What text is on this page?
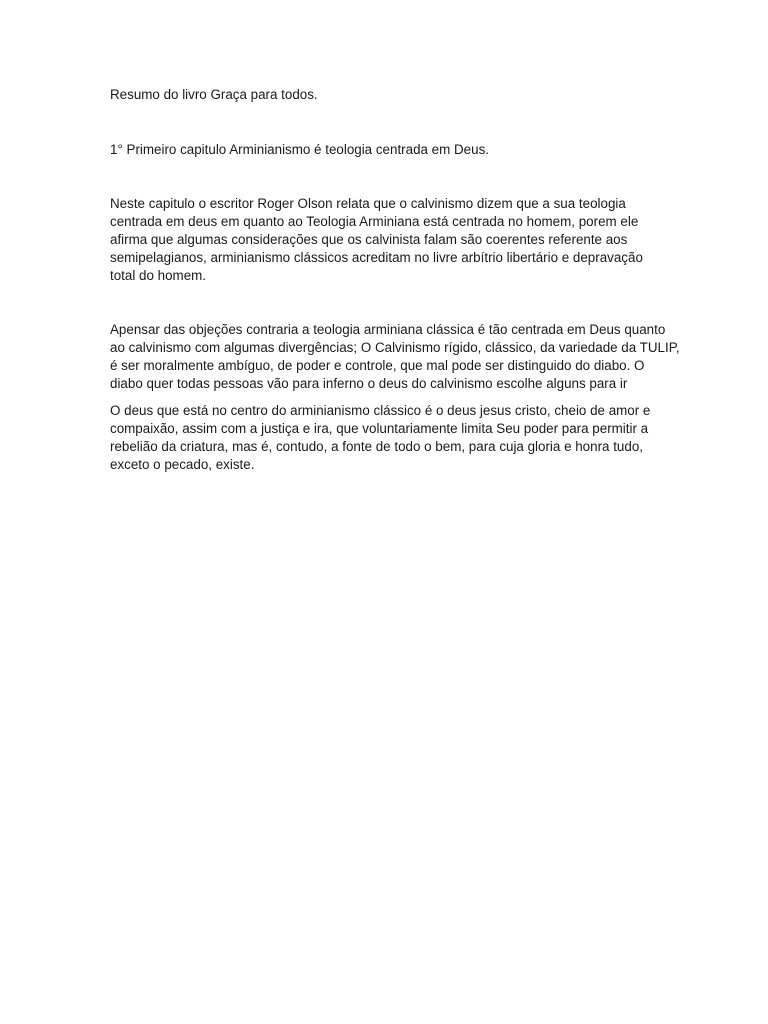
Resumo do livro Graça para todos.
1° Primeiro capitulo Arminianismo é teologia centrada em Deus.
Neste capitulo o escritor Roger Olson relata que o calvinismo dizem que a sua teologia
centrada em deus em quanto ao Teologia Arminiana está centrada no homem, porem ele
afirma que algumas considerações que os calvinista falam são coerentes referente aos
semipelagianos, arminianismo clássicos acreditam no livre arbítrio libertário e depravação
total do homem.
Apensar das objeções contraria a teologia arminiana clássica é tão centrada em Deus quanto
ao calvinismo com algumas divergências; O Calvinismo rígido, clássico, da variedade da TULIP,
é ser moralmente ambíguo, de poder e controle, que mal pode ser distinguido do diabo. O
diabo quer todas pessoas vão para inferno o deus do calvinismo escolhe alguns para ir
O deus que está no centro do arminianismo clássico é o deus jesus cristo, cheio de amor e
compaixão, assim com a justiça e ira, que voluntariamente limita Seu poder para permitir a
rebelião da criatura, mas é, contudo, a fonte de todo o bem, para cuja gloria e honra tudo,
exceto o pecado, existe.
